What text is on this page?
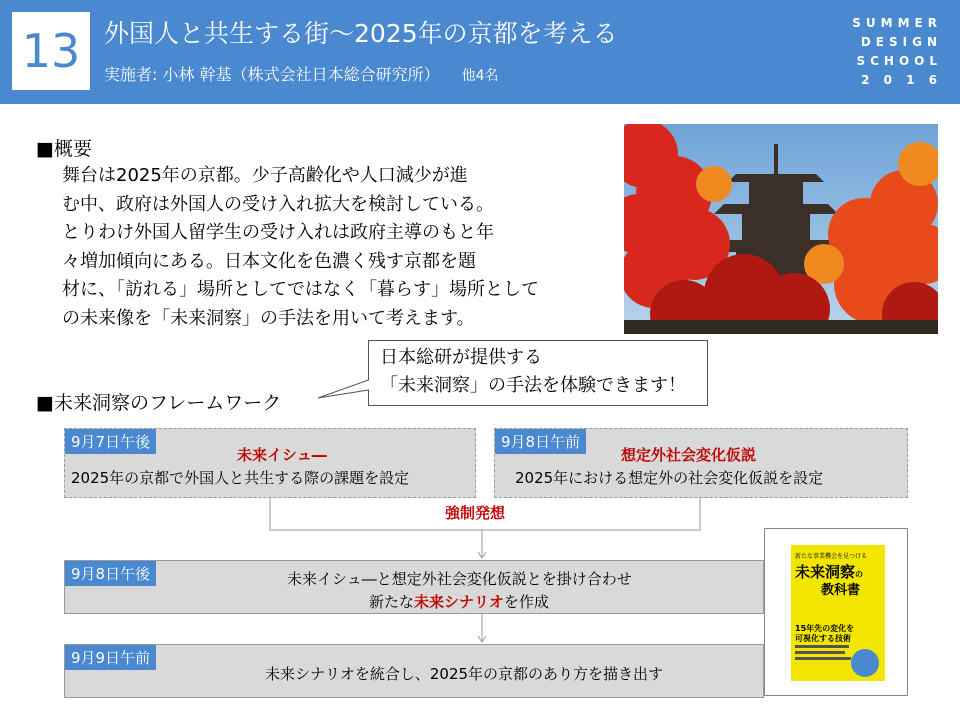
13 外国人と共生する街～2025年の京都を考える
実施者: 小林 幹基（株式会社日本総合研究所） 他4名
SUMMER
DESIGN
SCHOOL
2 0 1 6
■概要
舞台は2025年の京都。少子高齢化や人口減少が進
む中、政府は外国人の受け入れ拡大を検討している。
とりわけ外国人留学生の受け入れは政府主導のもと年
々増加傾向にある。日本文化を色濃く残す京都を題
材に、「訪れる」場所としてではなく「暮らす」場所として
の未来像を「未来洞察」の手法を用いて考えます。
日本総研が提供する
「未来洞察」の手法を体験できます！
■未来洞察のフレームワーク
9月7日午後
未来イシュ―
2025年の京都で外国人と共生する際の課題を設定
9月8日午前
想定外社会変化仮説
2025年における想定外の社会変化仮説を設定
強制発想
9月8日午後	未来イシュ―と想定外社会変化仮説とを掛け合わせ
新たな未来シナリオを作成
9月9日午前
未来シナリオを統合し、2025年の京都のあり方を描き出す
新たな事業機会を見つける
未来洞察の
教科書
15年先の変化を
可視化する技術
